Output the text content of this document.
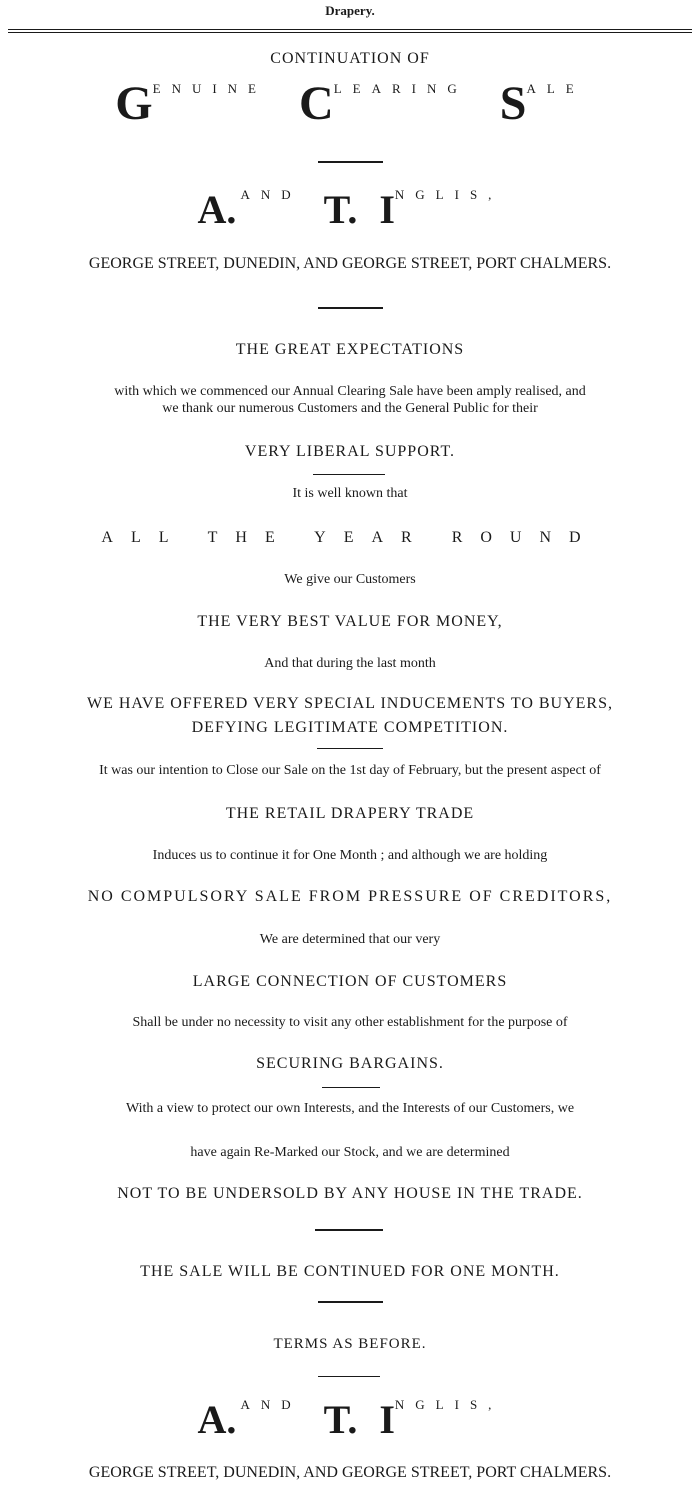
Drapery.
CONTINUATION OF
$G^{ENUINE}$ $C^{LEARING}$ $S^{ALE}$
A. $^{AND}$ T. $I^{NGLIS,}$
GEORGE STREET, DUNEDIN, AND GEORGE STREET, PORT CHALMERS.
THE GREAT EXPECTATIONS
with which we commenced our Annual Clearing Sale have been amply realised, and
we thank our numerous Customers and the General Public for their
VERY LIBERAL SUPPORT.
It is well known that
ALL THE YEAR ROUND
We give our Customers
THE VERY BEST VALUE FOR MONEY,
And that during the last month
WE HAVE OFFERED VERY SPECIAL INDUCEMENTS TO BUYERS,
DEFYING LEGITIMATE COMPETITION.
It was our intention to Close our Sale on the 1st day of February, but the present aspect of
THE RETAIL DRAPERY TRADE
Induces us to continue it for One Month ; and although we are holding
NO COMPULSORY SALE FROM PRESSURE OF CREDITORS,
We are determined that our very
LARGE CONNECTION OF CUSTOMERS
Shall be under no necessity to visit any other establishment for the purpose of
SECURING BARGAINS.
With a view to protect our own Interests, and the Interests of our Customers, we
have again Re-Marked our Stock, and we are determined
NOT TO BE UNDERSOLD BY ANY HOUSE IN THE TRADE.
THE SALE WILL BE CONTINUED FOR ONE MONTH.
TERMS AS BEFORE.
A. $^{AND}$ T. $I^{NGLIS,}$
GEORGE STREET, DUNEDIN, AND GEORGE STREET, PORT CHALMERS.
